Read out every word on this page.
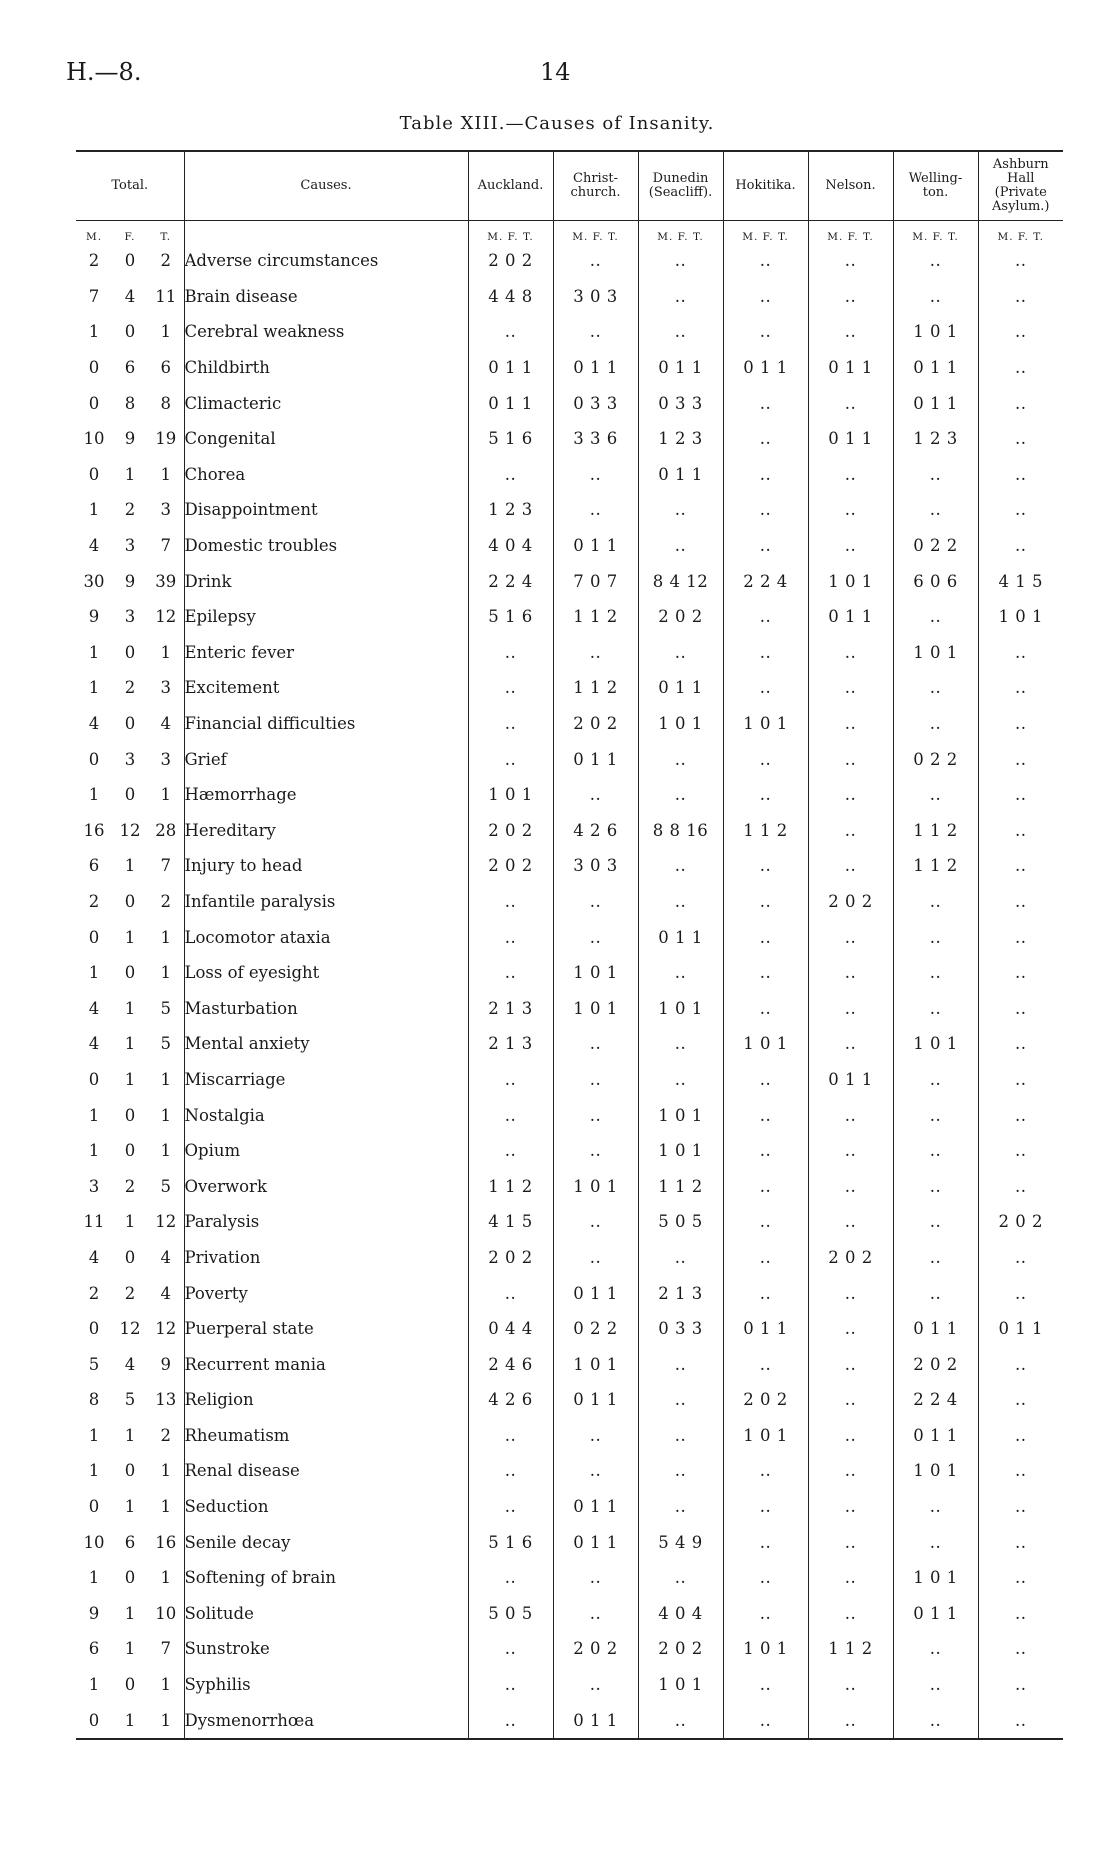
H.—8.	14
Table XIII.—Causes of Insanity.
Total.			Causes.	Auckland.	Christ-
church.	Dunedin
(Seacliff).	Hokitika.	Nelson.	Welling-
ton.	Ashburn
Hall
(Private
Asylum.)
M.	F.	T.		M. F. T.	M. F. T.	M. F. T.	M. F. T.	M. F. T.	M. F. T.	M. F. T.
2	0	2	Adverse circumstances	2 0 2	..	..	..	..	..	..
7	4	11	Brain disease	4 4 8	3 0 3	..	..	..	..	..
1	0	1	Cerebral weakness	..	..	..	..	..	1 0 1	..
0	6	6	Childbirth	0 1 1	0 1 1	0 1 1	0 1 1	0 1 1	0 1 1	..
0	8	8	Climacteric	0 1 1	0 3 3	0 3 3	..	..	0 1 1	..
10	9	19	Congenital	5 1 6	3 3 6	1 2 3	..	0 1 1	1 2 3	..
0	1	1	Chorea	..	..	0 1 1	..	..	..	..
1	2	3	Disappointment	1 2 3	..	..	..	..	..	..
4	3	7	Domestic troubles	4 0 4	0 1 1	..	..	..	0 2 2	..
30	9	39	Drink	2 2 4	7 0 7	8 4 12	2 2 4	1 0 1	6 0 6	4 1 5
9	3	12	Epilepsy	5 1 6	1 1 2	2 0 2	..	0 1 1	..	1 0 1
1	0	1	Enteric fever	..	..	..	..	..	1 0 1	..
1	2	3	Excitement	..	1 1 2	0 1 1	..	..	..	..
4	0	4	Financial difficulties	..	2 0 2	1 0 1	1 0 1	..	..	..
0	3	3	Grief	..	0 1 1	..	..	..	0 2 2	..
1	0	1	Hæmorrhage	1 0 1	..	..	..	..	..	..
16	12	28	Hereditary	2 0 2	4 2 6	8 8 16	1 1 2	..	1 1 2	..
6	1	7	Injury to head	2 0 2	3 0 3	..	..	..	1 1 2	..
2	0	2	Infantile paralysis	..	..	..	..	2 0 2	..	..
0	1	1	Locomotor ataxia	..	..	0 1 1	..	..	..	..
1	0	1	Loss of eyesight	..	1 0 1	..	..	..	..	..
4	1	5	Masturbation	2 1 3	1 0 1	1 0 1	..	..	..	..
4	1	5	Mental anxiety	2 1 3	..	..	1 0 1	..	1 0 1	..
0	1	1	Miscarriage	..	..	..	..	0 1 1	..	..
1	0	1	Nostalgia	..	..	1 0 1	..	..	..	..
1	0	1	Opium	..	..	1 0 1	..	..	..	..
3	2	5	Overwork	1 1 2	1 0 1	1 1 2	..	..	..	..
11	1	12	Paralysis	4 1 5	..	5 0 5	..	..	..	2 0 2
4	0	4	Privation	2 0 2	..	..	..	2 0 2	..	..
2	2	4	Poverty	..	0 1 1	2 1 3	..	..	..	..
0	12	12	Puerperal state	0 4 4	0 2 2	0 3 3	0 1 1	..	0 1 1	0 1 1
5	4	9	Recurrent mania	2 4 6	1 0 1	..	..	..	2 0 2	..
8	5	13	Religion	4 2 6	0 1 1	..	2 0 2	..	2 2 4	..
1	1	2	Rheumatism	..	..	..	1 0 1	..	0 1 1	..
1	0	1	Renal disease	..	..	..	..	..	1 0 1	..
0	1	1	Seduction	..	0 1 1	..	..	..	..	..
10	6	16	Senile decay	5 1 6	0 1 1	5 4 9	..	..	..	..
1	0	1	Softening of brain	..	..	..	..	..	1 0 1	..
9	1	10	Solitude	5 0 5	..	4 0 4	..	..	0 1 1	..
6	1	7	Sunstroke	..	2 0 2	2 0 2	1 0 1	1 1 2	..	..
1	0	1	Syphilis	..	..	1 0 1	..	..	..	..
0	1	1	Dysmenorrhœa	..	0 1 1	..	..	..	..	..
